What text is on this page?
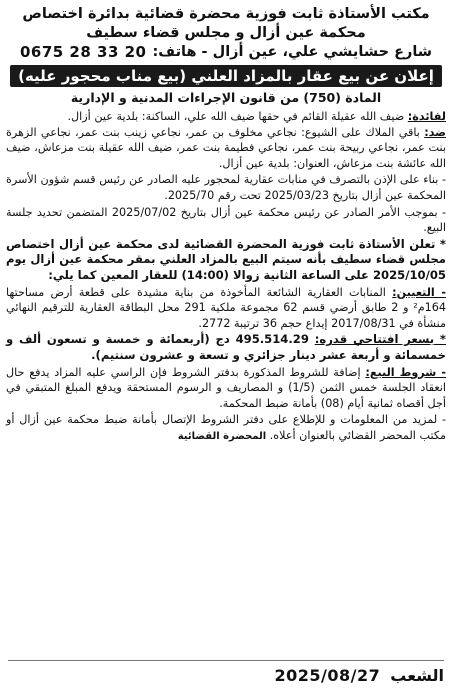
مكتب الأستاذة ثابت فوزية محضرة قضائية بدائرة اختصاص
محكمة عين أزال و مجلس قضاء سطيف
شارع حشايشي علي، عين أزال - هاتف:
0675 28 33 20
إعلان عن بيع عقار بالمزاد العلني (بيع مناب محجور عليه)
المادة (750) من قانون الإجراءات المدنية و الإدارية

لفائدة: ضيف الله عقيلة القائم في حقها ضيف الله علي، الساكنة: بلدية عين أزال.

ضد: باقي الملاك على الشيوع: نجاعي مخلوف بن عمر، نجاعي زينب بنت عمر، نجاعي الزهرة بنت عمر، نجاعي ربيحة بنت عمر، نجاعي فطيمة بنت عمر، ضيف الله عقيلة بنت مزعاش، ضيف الله عائشة بنت مزعاش، العنوان: بلدية عين أزال.

- بناء على الإذن بالتصرف في منابات عقارية لمحجور عليه الصادر عن رئيس قسم شؤون الأسرة المحكمة عين أزال بتاريخ 2025/03/23 تحت رقم 2025/70.

- بموجب الأمر الصادر عن رئيس محكمة عين أزال بتاريخ 2025/07/02 المتضمن تحديد جلسة البيع.

* تعلن الأستاذة ثابت فوزية المحضرة القضائية لدى محكمة عين أزال اختصاص مجلس قضاء سطيف بأنه سيتم البيع بالمزاد العلني بمقر محكمة عين أزال يوم 2025/10/05 على الساعة الثانية زوالا (14:00) للعقار المعين كما يلي:

- التعيين: المنابات العقارية الشائعة المأخوذة من بناية مشيدة على قطعة أرض مساحتها 164م² و 2 طابق أرضي قسم 62 مجموعة ملكية 291 محل البطاقة العقارية للترقيم النهائي منشأة في 2017/08/31 إيداع حجم 36 ترتيبة 2772.

* بسعر افتتاحي قدره: 495.514.29 دج (أربعمائة و خمسة و تسعون ألف و خمسمائة و أربعة عشر دينار جزائري و تسعة و عشرون سنتيم).

- شروط البيع: إضافة للشروط المذكورة بدفتر الشروط فإن الراسي عليه المزاد يدفع حال انعقاد الجلسة خمس الثمن (1/5) و المصاريف و الرسوم المستحقة ويدفع المبلغ المتبقي في أجل أقصاه ثمانية أيام (08) بأمانة ضبط المحكمة.

- لمزيد من المعلومات و للإطلاع على دفتر الشروط الإتصال بأمانة ضبط محكمة عين أزال أو مكتب المحضر القضائي بالعنوان أعلاه. المحضرة القضائية

الشعب
2025/08/27
